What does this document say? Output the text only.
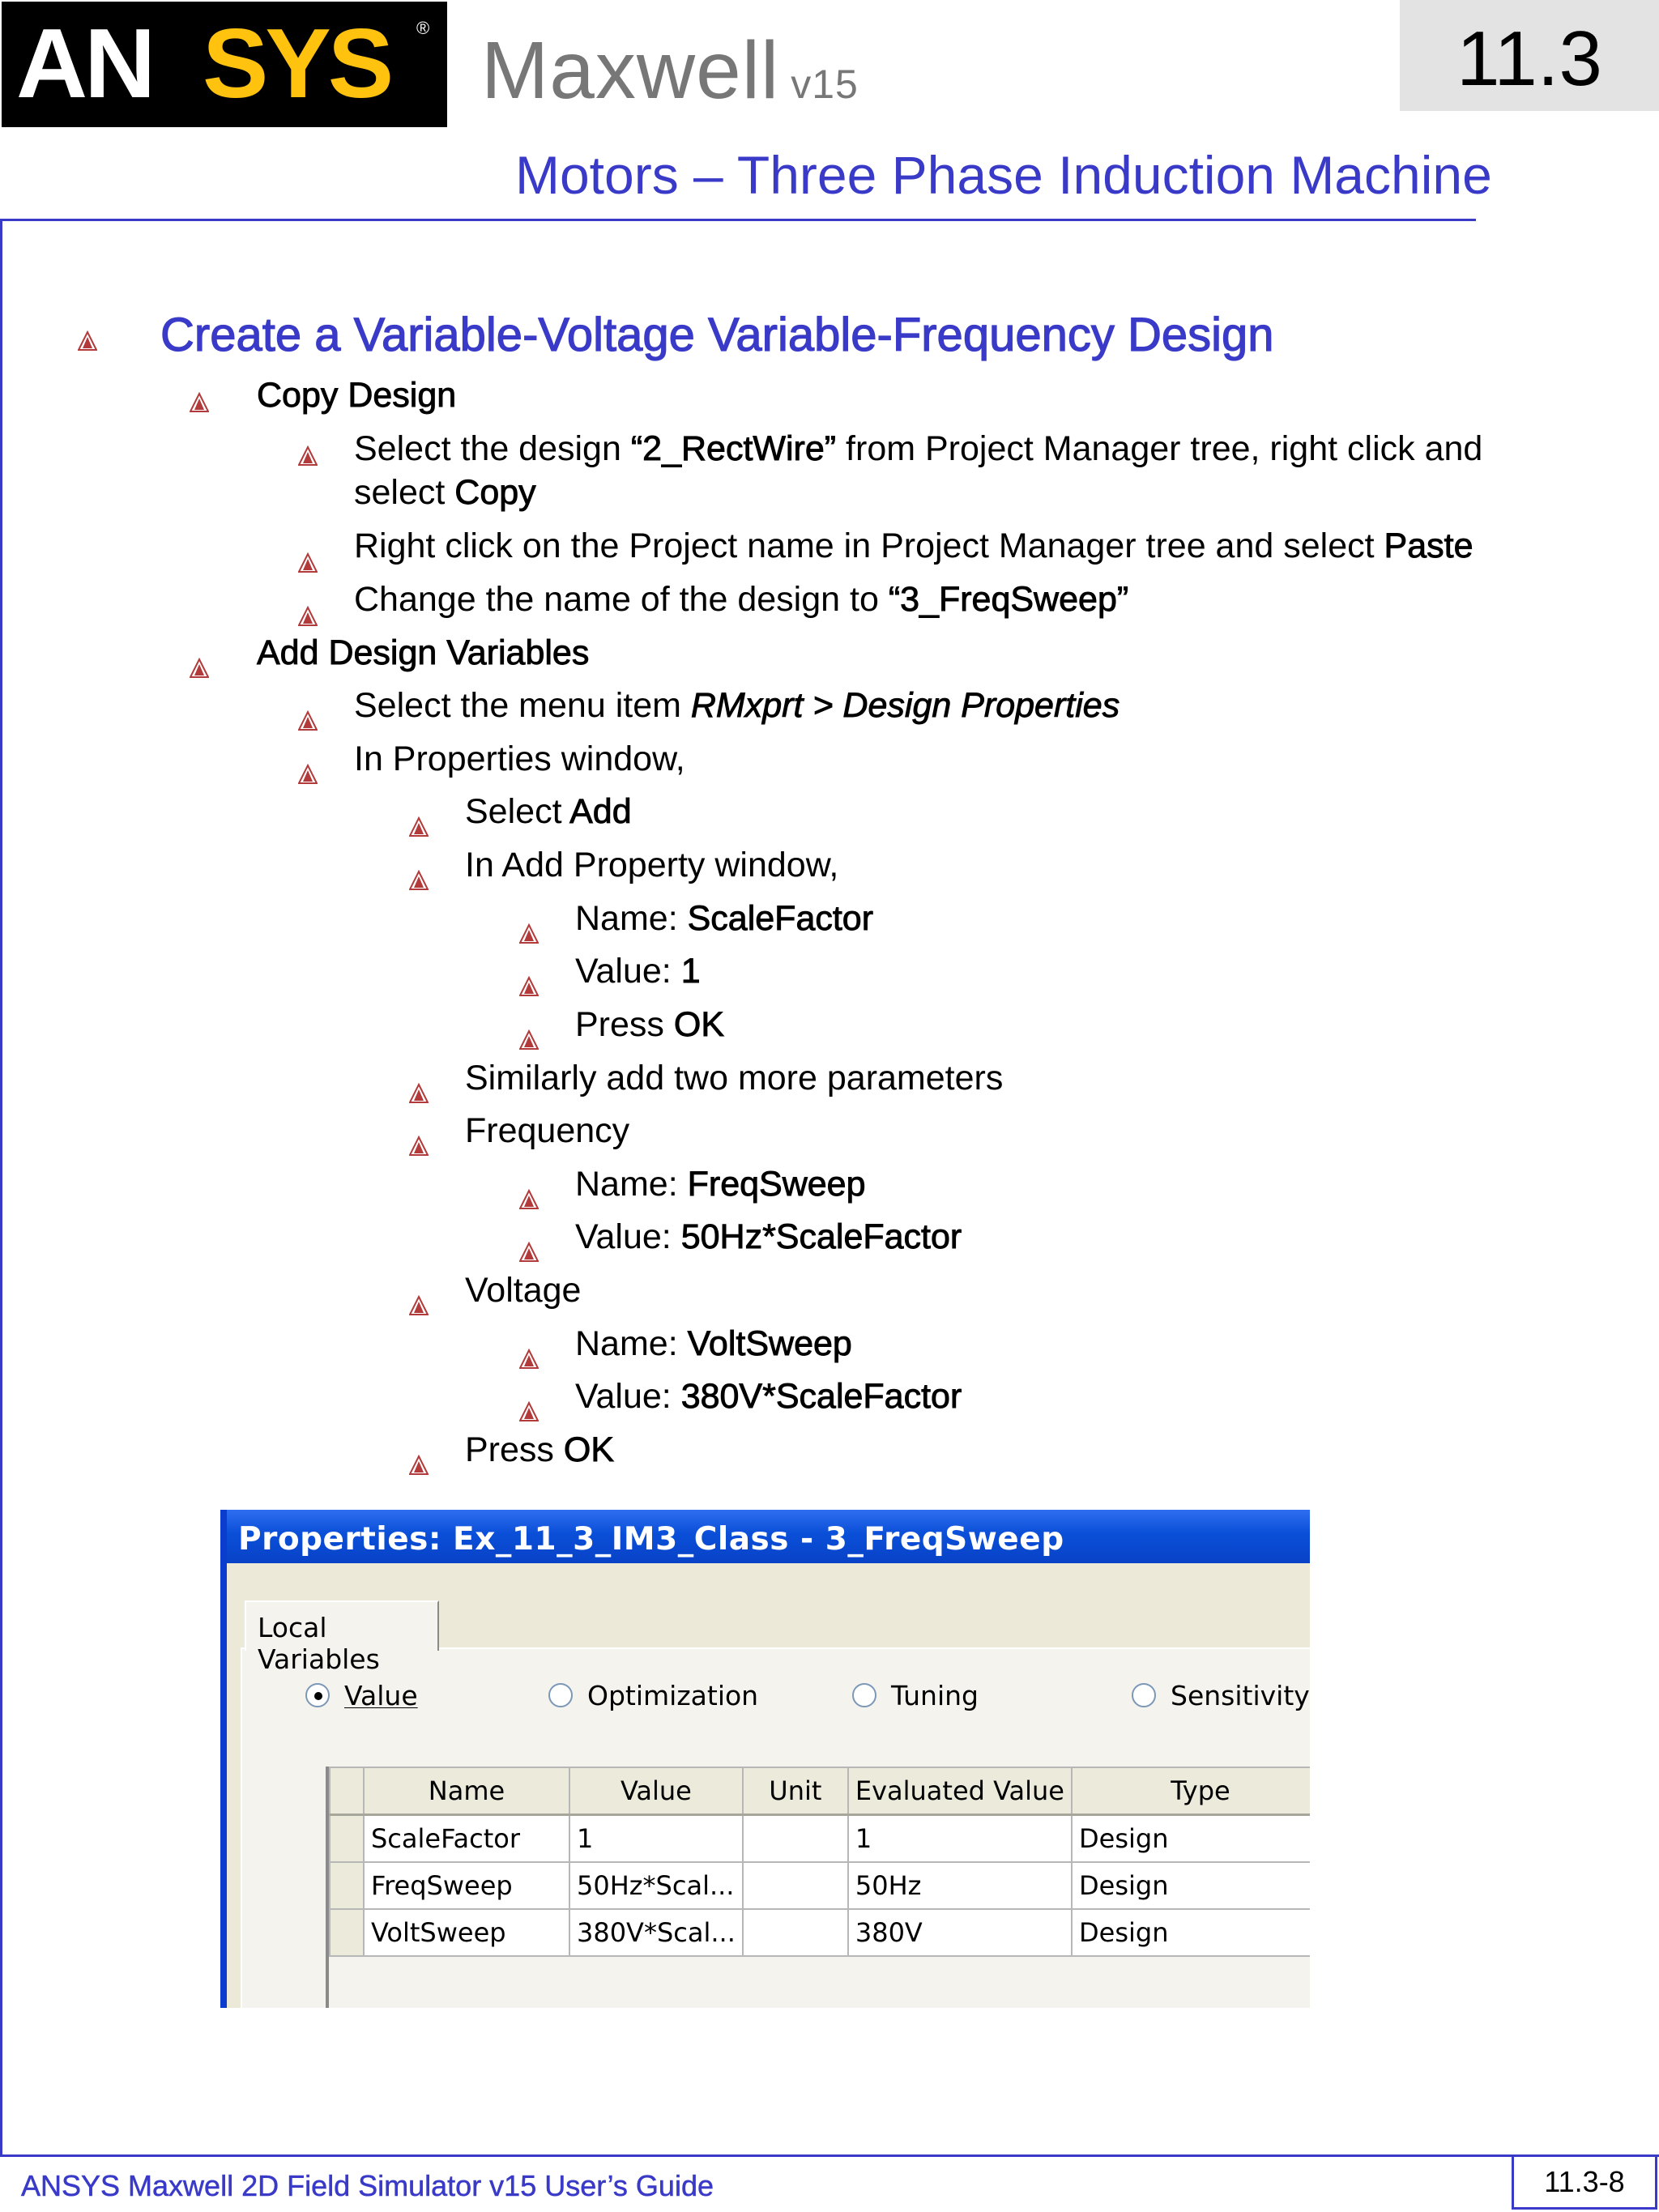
AN SYS ® Maxwell v15	11.3
Motors – Three Phase Induction Machine
Create a Variable-Voltage Variable-Frequency Design
Copy Design
Select the design “2_RectWire” from Project Manager tree, right click and
select Copy
Right click on the Project name in Project Manager tree and select Paste
Change the name of the design to “3_FreqSweep”
Add Design Variables
Select the menu item RMxprt > Design Properties
In Properties window,
Select Add
In Add Property window,
Name: ScaleFactor
Value: 1
Press OK
Similarly add two more parameters
Frequency
Name: FreqSweep
Value: 50Hz*ScaleFactor
Voltage
Name: VoltSweep
Value: 380V*ScaleFactor
Press OK
Properties: Ex_11_3_IM3_Class - 3_FreqSweep
Local Variables
Value	Optimization	Tuning	Sensitivity
	Name	Value	Unit	Evaluated Value	Type
	ScaleFactor	1		1	Design
	FreqSweep	50Hz*Scal...		50Hz	Design
	VoltSweep	380V*Scal...		380V	Design
ANSYS Maxwell 2D Field Simulator v15 User’s Guide	11.3-8
